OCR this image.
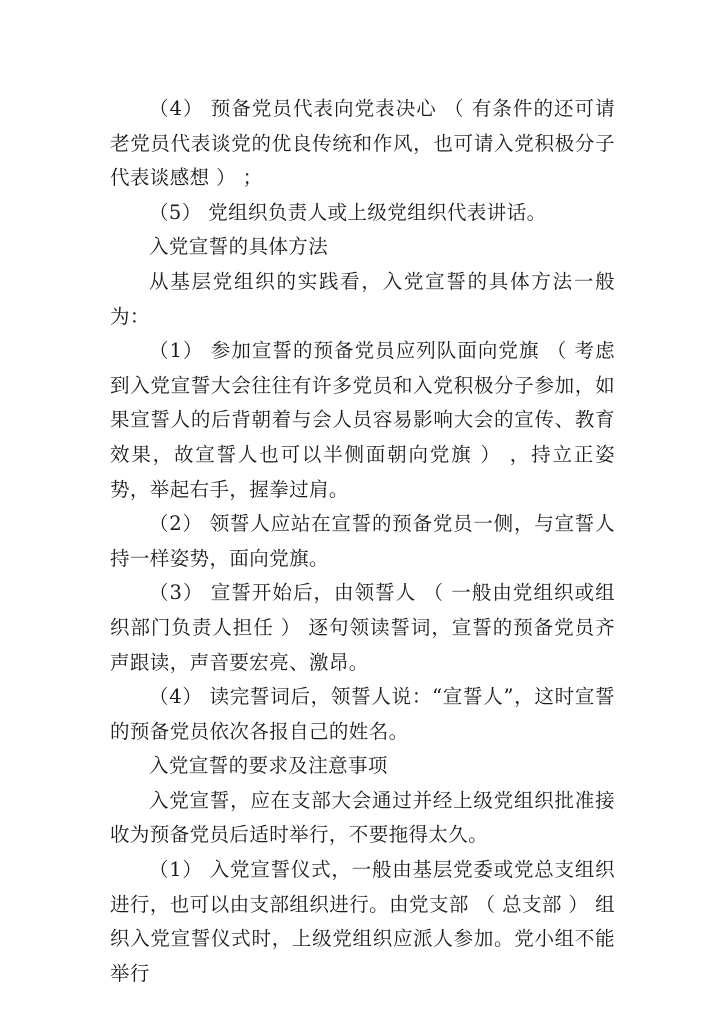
（4） 预备党员代表向党表决心 （ 有条件的还可请老党员代表谈党的优良传统和作风，也可请入党积极分子代表谈感想 ） ；

（5） 党组织负责人或上级党组织代表讲话。

入党宣誓的具体方法

从基层党组织的实践看，入党宣誓的具体方法一般为：

（1） 参加宣誓的预备党员应列队面向党旗 （ 考虑到入党宣誓大会往往有许多党员和入党积极分子参加，如果宣誓人的后背朝着与会人员容易影响大会的宣传、教育效果，故宣誓人也可以半侧面朝向党旗 ） ，持立正姿势，举起右手，握拳过肩。

（2） 领誓人应站在宣誓的预备党员一侧，与宣誓人持一样姿势，面向党旗。

（3） 宣誓开始后，由领誓人 （ 一般由党组织或组织部门负责人担任 ） 逐句领读誓词，宣誓的预备党员齐声跟读，声音要宏亮、激昂。

（4） 读完誓词后，领誓人说：“宣誓人”，这时宣誓的预备党员依次各报自己的姓名。

入党宣誓的要求及注意事项

入党宣誓，应在支部大会通过并经上级党组织批准接收为预备党员后适时举行，不要拖得太久。

（1） 入党宣誓仪式，一般由基层党委或党总支组织进行，也可以由支部组织进行。由党支部 （ 总支部 ） 组织入党宣誓仪式时，上级党组织应派人参加。党小组不能举行
